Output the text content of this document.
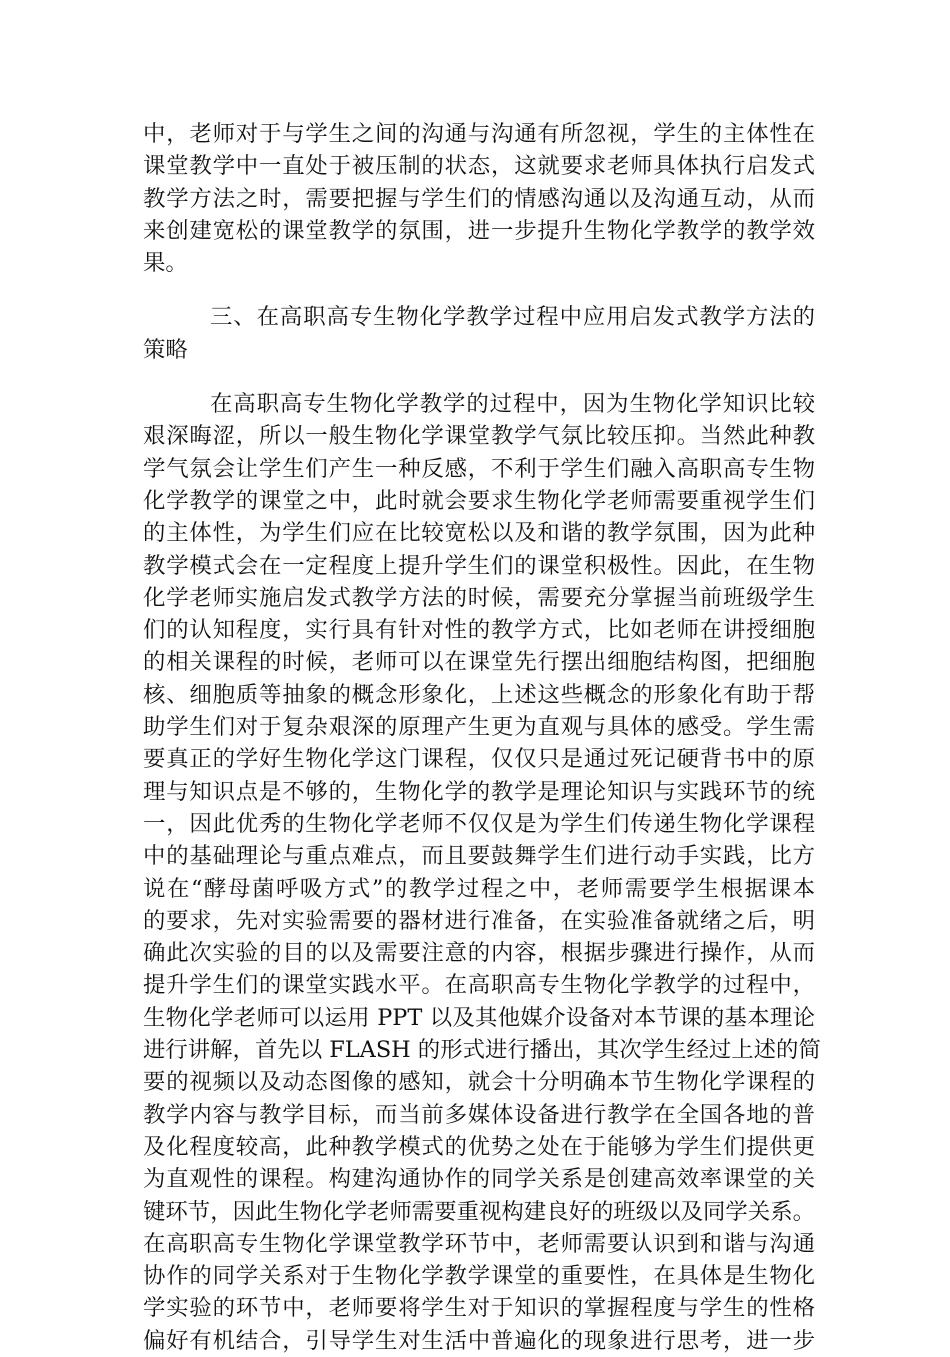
中，老师对于与学生之间的沟通与沟通有所忽视，学生的主体性在
课堂教学中一直处于被压制的状态，这就要求老师具体执行启发式
教学方法之时，需要把握与学生们的情感沟通以及沟通互动，从而
来创建宽松的课堂教学的氛围，进一步提升生物化学教学的教学效
果。
三、在高职高专生物化学教学过程中应用启发式教学方法的
策略
在高职高专生物化学教学的过程中，因为生物化学知识比较
艰深晦涩，所以一般生物化学课堂教学气氛比较压抑。当然此种教
学气氛会让学生们产生一种反感，不利于学生们融入高职高专生物
化学教学的课堂之中，此时就会要求生物化学老师需要重视学生们
的主体性，为学生们应在比较宽松以及和谐的教学氛围，因为此种
教学模式会在一定程度上提升学生们的课堂积极性。因此，在生物
化学老师实施启发式教学方法的时候，需要充分掌握当前班级学生
们的认知程度，实行具有针对性的教学方式，比如老师在讲授细胞
的相关课程的时候，老师可以在课堂先行摆出细胞结构图，把细胞
核、细胞质等抽象的概念形象化，上述这些概念的形象化有助于帮
助学生们对于复杂艰深的原理产生更为直观与具体的感受。学生需
要真正的学好生物化学这门课程，仅仅只是通过死记硬背书中的原
理与知识点是不够的，生物化学的教学是理论知识与实践环节的统
一，因此优秀的生物化学老师不仅仅是为学生们传递生物化学课程
中的基础理论与重点难点，而且要鼓舞学生们进行动手实践，比方
说在“酵母菌呼吸方式”的教学过程之中，老师需要学生根据课本
的要求，先对实验需要的器材进行准备，在实验准备就绪之后，明
确此次实验的目的以及需要注意的内容，根据步骤进行操作，从而
提升学生们的课堂实践水平。在高职高专生物化学教学的过程中，
生物化学老师可以运用 PPT 以及其他媒介设备对本节课的基本理论
进行讲解，首先以 FLASH 的形式进行播出，其次学生经过上述的简
要的视频以及动态图像的感知，就会十分明确本节生物化学课程的
教学内容与教学目标，而当前多媒体设备进行教学在全国各地的普
及化程度较高，此种教学模式的优势之处在于能够为学生们提供更
为直观性的课程。构建沟通协作的同学关系是创建高效率课堂的关
键环节，因此生物化学老师需要重视构建良好的班级以及同学关系。
在高职高专生物化学课堂教学环节中，老师需要认识到和谐与沟通
协作的同学关系对于生物化学教学课堂的重要性，在具体是生物化
学实验的环节中，老师要将学生对于知识的掌握程度与学生的性格
偏好有机结合，引导学生对生活中普遍化的现象进行思考，进一步
